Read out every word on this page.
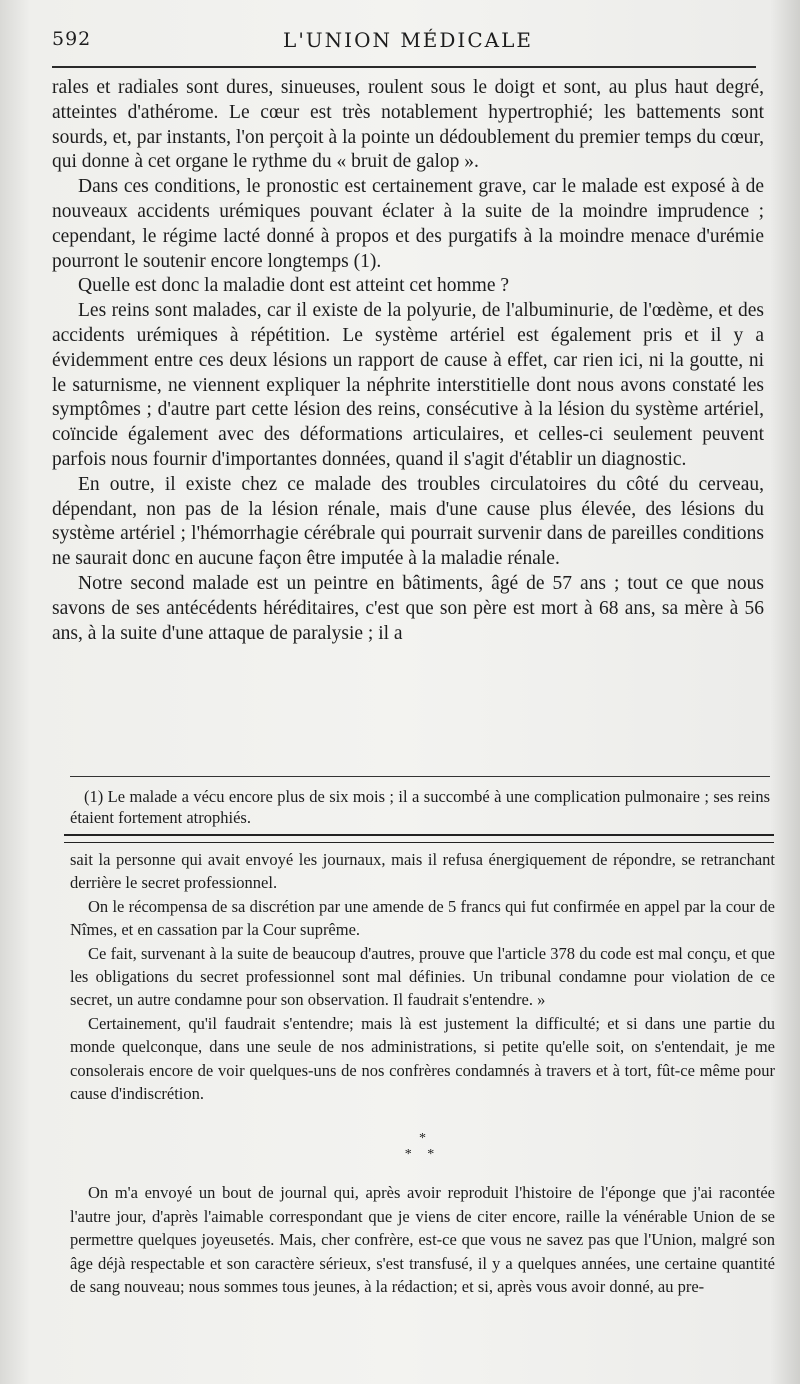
592	L'UNION MÉDICALE

rales et radiales sont dures, sinueuses, roulent sous le doigt et sont, au plus haut degré, atteintes d'athérome. Le cœur est très notablement hypertrophié; les battements sont sourds, et, par instants, l'on perçoit à la pointe un dédoublement du premier temps du cœur, qui donne à cet organe le rythme du « bruit de galop ».

Dans ces conditions, le pronostic est certainement grave, car le malade est exposé à de nouveaux accidents urémiques pouvant éclater à la suite de la moindre imprudence ; cependant, le régime lacté donné à propos et des purgatifs à la moindre menace d'urémie pourront le soutenir encore longtemps (1).

Quelle est donc la maladie dont est atteint cet homme ?

Les reins sont malades, car il existe de la polyurie, de l'albuminurie, de l'œdème, et des accidents urémiques à répétition. Le système artériel est également pris et il y a évidemment entre ces deux lésions un rapport de cause à effet, car rien ici, ni la goutte, ni le saturnisme, ne viennent expliquer la néphrite interstitielle dont nous avons constaté les symptômes ; d'autre part cette lésion des reins, consécutive à la lésion du système artériel, coïncide également avec des déformations articulaires, et celles-ci seulement peuvent parfois nous fournir d'importantes données, quand il s'agit d'établir un diagnostic.

En outre, il existe chez ce malade des troubles circulatoires du côté du cerveau, dépendant, non pas de la lésion rénale, mais d'une cause plus élevée, des lésions du système artériel ; l'hémorrhagie cérébrale qui pourrait survenir dans de pareilles conditions ne saurait donc en aucune façon être imputée à la maladie rénale.

Notre second malade est un peintre en bâtiments, âgé de 57 ans ; tout ce que nous savons de ses antécédents héréditaires, c'est que son père est mort à 68 ans, sa mère à 56 ans, à la suite d'une attaque de paralysie ; il a

(1) Le malade a vécu encore plus de six mois ; il a succombé à une complication pulmonaire ; ses reins étaient fortement atrophiés.

sait la personne qui avait envoyé les journaux, mais il refusa énergiquement de répondre, se retranchant derrière le secret professionnel.

On le récompensa de sa discrétion par une amende de 5 francs qui fut confirmée en appel par la cour de Nîmes, et en cassation par la Cour suprême.

Ce fait, survenant à la suite de beaucoup d'autres, prouve que l'article 378 du code est mal conçu, et que les obligations du secret professionnel sont mal définies. Un tribunal condamne pour violation de ce secret, un autre condamne pour son observation. Il faudrait s'entendre. »

Certainement, qu'il faudrait s'entendre; mais là est justement la difficulté; et si dans une partie du monde quelconque, dans une seule de nos administrations, si petite qu'elle soit, on s'entendait, je me consolerais encore de voir quelques-uns de nos confrères condamnés à travers et à tort, fût-ce même pour cause d'indiscrétion.

*
* *

On m'a envoyé un bout de journal qui, après avoir reproduit l'histoire de l'éponge que j'ai racontée l'autre jour, d'après l'aimable correspondant que je viens de citer encore, raille la vénérable Union de se permettre quelques joyeusetés. Mais, cher confrère, est-ce que vous ne savez pas que l'Union, malgré son âge déjà respectable et son caractère sérieux, s'est transfusé, il y a quelques années, une certaine quantité de sang nouveau; nous sommes tous jeunes, à la rédaction; et si, après vous avoir donné, au pre-
